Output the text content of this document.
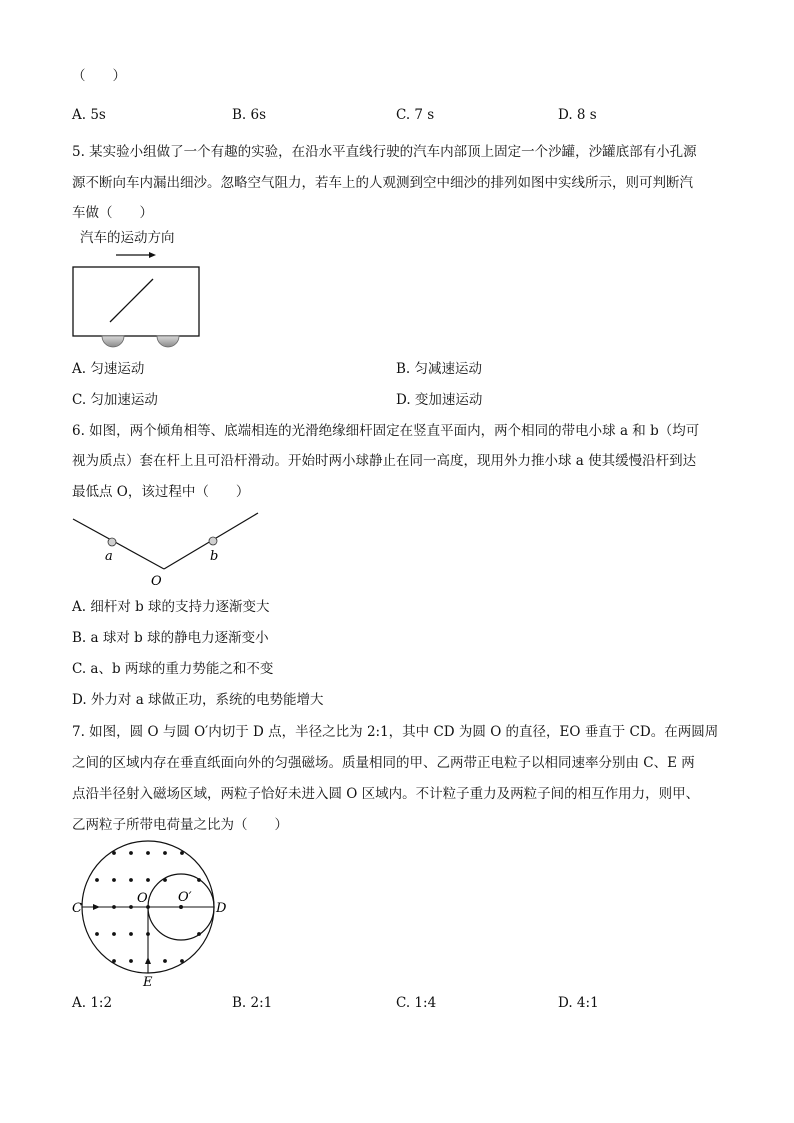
（　　）
A. 5s	B. 6s	C. 7 s	D. 8 s
5. 某实验小组做了一个有趣的实验，在沿水平直线行驶的汽车内部顶上固定一个沙罐，沙罐底部有小孔源
源不断向车内漏出细沙。忽略空气阻力，若车上的人观测到空中细沙的排列如图中实线所示，则可判断汽
车做（　　）
汽车的运动方向
A. 匀速运动	B. 匀减速运动
C. 匀加速运动	D. 变加速运动
6. 如图，两个倾角相等、底端相连的光滑绝缘细杆固定在竖直平面内，两个相同的带电小球 a 和 b（均可
视为质点）套在杆上且可沿杆滑动。开始时两小球静止在同一高度，现用外力推小球 a 使其缓慢沿杆到达
最低点 O，该过程中（　　）
a	b
O
A. 细杆对 b 球的支持力逐渐变大
B. a 球对 b 球的静电力逐渐变小
C. a、b 两球的重力势能之和不变
D. 外力对 a 球做正功，系统的电势能增大
7. 如图，圆 O 与圆 O′内切于 D 点，半径之比为 2:1，其中 CD 为圆 O 的直径，EO 垂直于 CD。在两圆周
之间的区域内存在垂直纸面向外的匀强磁场。质量相同的甲、乙两带正电粒子以相同速率分别由 C、E 两
点沿半径射入磁场区域，两粒子恰好未进入圆 O 区域内。不计粒子重力及两粒子间的相互作用力，则甲、
乙两粒子所带电荷量之比为（　　）
C
O O′
D
E
A. 1:2	B. 2:1	C. 1:4	D. 4:1
